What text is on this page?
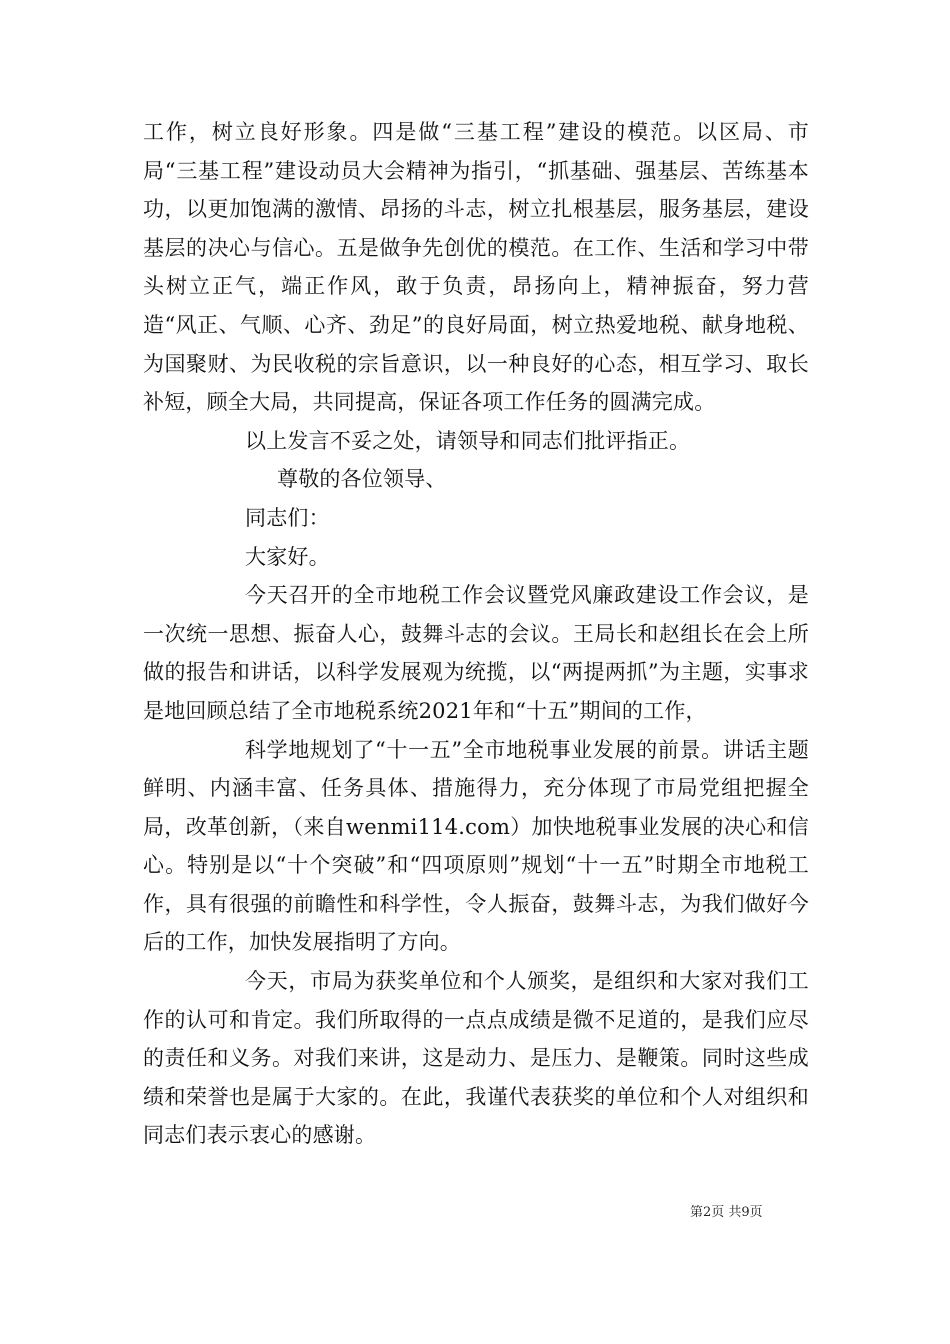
工作，树立良好形象。四是做“三基工程”建设的模范。以区局、市局“三基工程”建设动员大会精神为指引，“抓基础、强基层、苦练基本功，以更加饱满的激情、昂扬的斗志，树立扎根基层，服务基层，建设基层的决心与信心。五是做争先创优的模范。在工作、生活和学习中带头树立正气，端正作风，敢于负责，昂扬向上，精神振奋，努力营造“风正、气顺、心齐、劲足”的良好局面，树立热爱地税、献身地税、为国聚财、为民收税的宗旨意识，以一种良好的心态，相互学习、取长补短，顾全大局，共同提高，保证各项工作任务的圆满完成。

以上发言不妥之处，请领导和同志们批评指正。

尊敬的各位领导、

同志们：

大家好。

今天召开的全市地税工作会议暨党风廉政建设工作会议，是一次统一思想、振奋人心，鼓舞斗志的会议。王局长和赵组长在会上所做的报告和讲话，以科学发展观为统揽，以“两提两抓”为主题，实事求是地回顾总结了全市地税系统2021年和“十五”期间的工作，

科学地规划了“十一五”全市地税事业发展的前景。讲话主题鲜明、内涵丰富、任务具体、措施得力，充分体现了市局党组把握全局，改革创新，（来自wenmi114.com）加快地税事业发展的决心和信心。特别是以“十个突破”和“四项原则”规划“十一五”时期全市地税工作，具有很强的前瞻性和科学性，令人振奋，鼓舞斗志，为我们做好今后的工作，加快发展指明了方向。

今天，市局为获奖单位和个人颁奖，是组织和大家对我们工作的认可和肯定。我们所取得的一点点成绩是微不足道的，是我们应尽的责任和义务。对我们来讲，这是动力、是压力、是鞭策。同时这些成绩和荣誉也是属于大家的。在此，我谨代表获奖的单位和个人对组织和同志们表示衷心的感谢。

第2页 共9页
